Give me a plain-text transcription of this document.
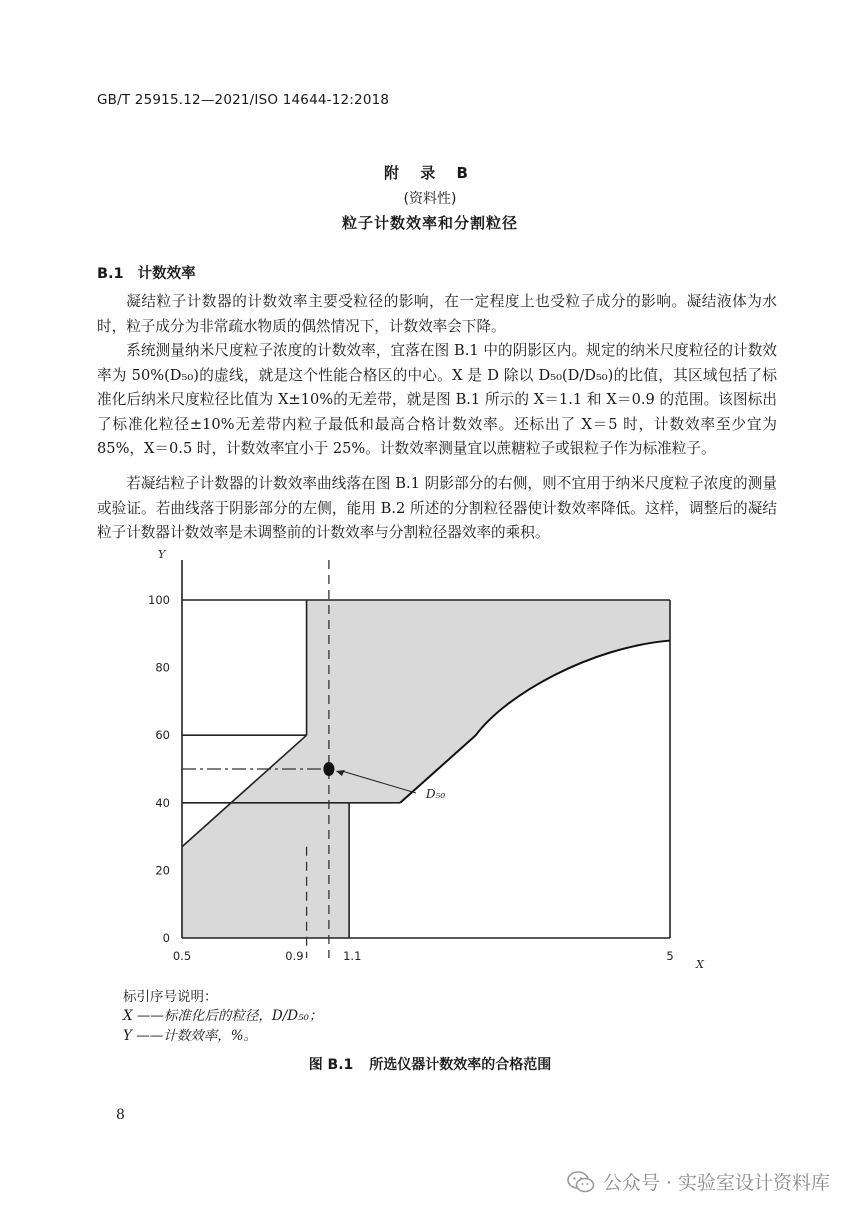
GB/T 25915.12—2021/ISO 14644-12:2018
附 录 B
(资料性)
粒子计数效率和分割粒径
B.1 计数效率

凝结粒子计数器的计数效率主要受粒径的影响，在一定程度上也受粒子成分的影响。凝结液体为水时，粒子成分为非常疏水物质的偶然情况下，计数效率会下降。

系统测量纳米尺度粒子浓度的计数效率，宜落在图 B.1 中的阴影区内。规定的纳米尺度粒径的计数效率为 50%(D₅₀)的虚线，就是这个性能合格区的中心。X 是 D 除以 D₅₀(D/D₅₀)的比值，其区域包括了标准化后纳米尺度粒径比值为 X±10%的无差带，就是图 B.1 所示的 X＝1.1 和 X＝0.9 的范围。该图标出了标准化粒径±10%无差带内粒子最低和最高合格计数效率。还标出了 X＝5 时，计数效率至少宜为 85%，X＝0.5 时，计数效率宜小于 25%。计数效率测量宜以蔗糖粒子或银粒子作为标准粒子。

若凝结粒子计数器的计数效率曲线落在图 B.1 阴影部分的右侧，则不宜用于纳米尺度粒子浓度的测量或验证。若曲线落于阴影部分的左侧，能用 B.2 所述的分割粒径器使计数效率降低。这样，调整后的凝结粒子计数器计数效率是未调整前的计数效率与分割粒径器效率的乘积。

D₅₀
0
20
40
60
80
100
0.5	0.9	1.1	5
Y
X
标引序号说明：
X ——标准化后的粒径，D/D₅₀；
Y ——计数效率，%。
图 B.1 所选仪器计数效率的合格范围
8
公众号 · 实验室设计资料库
